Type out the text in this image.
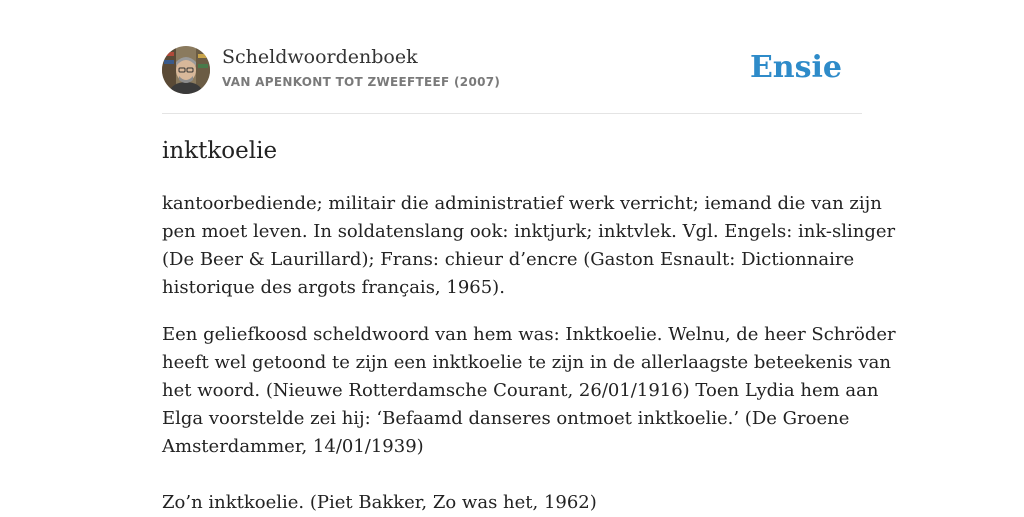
Scheldwoordenboek
VAN APENKONT TOT ZWEEFTEEF (2007)	Ensie
inktkoelie

kantoorbediende; militair die administratief werk verricht; iemand die van zijn
pen moet leven. In soldatenslang ook: inktjurk; inktvlek. Vgl. Engels: ink-slinger
(De Beer & Laurillard); Frans: chieur d’encre (Gaston Esnault: Dictionnaire
historique des argots français, 1965).

Een geliefkoosd scheldwoord van hem was: Inktkoelie. Welnu, de heer Schröder
heeft wel getoond te zijn een inktkoelie te zijn in de allerlaagste beteekenis van
het woord. (Nieuwe Rotterdamsche Courant, 26/01/1916) Toen Lydia hem aan
Elga voorstelde zei hij: ‘Befaamd danseres ontmoet inktkoelie.’ (De Groene
Amsterdammer, 14/01/1939)

Zo’n inktkoelie. (Piet Bakker, Zo was het, 1962)
